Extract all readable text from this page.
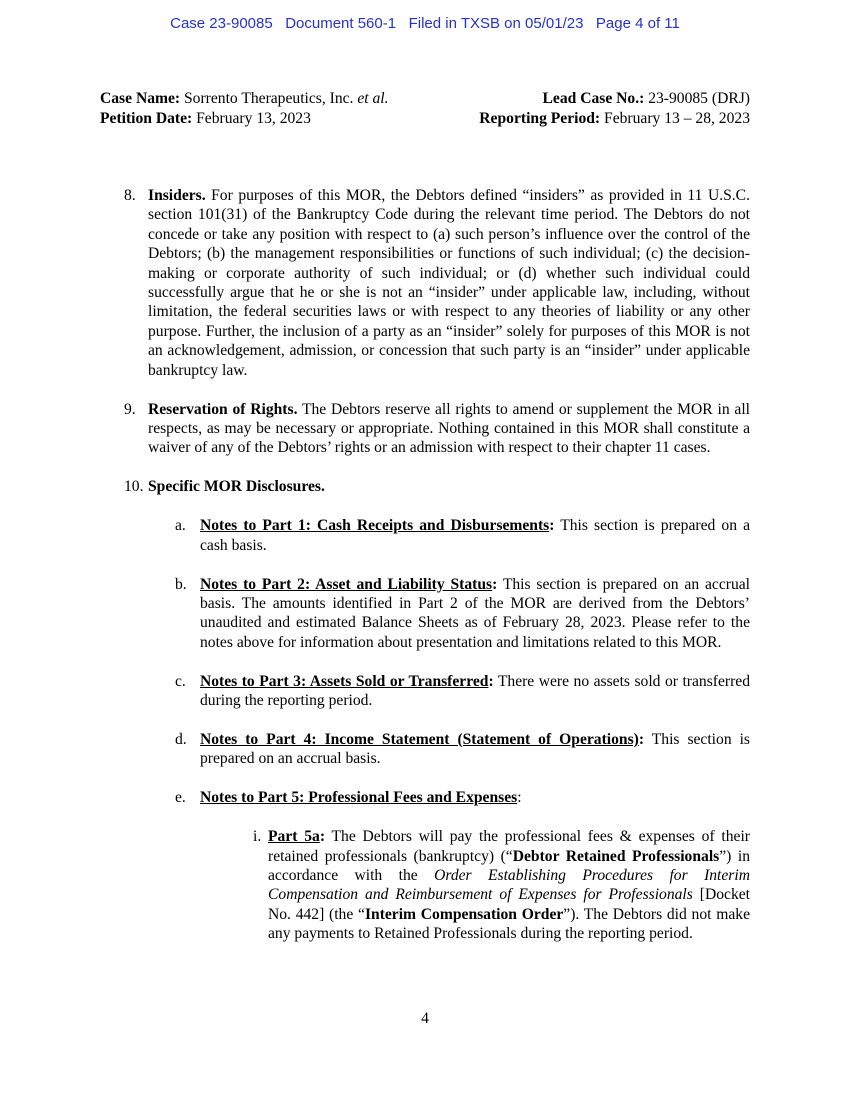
Case 23-90085   Document 560-1   Filed in TXSB on 05/01/23   Page 4 of 11
Case Name: Sorrento Therapeutics, Inc. et al.
Petition Date: February 13, 2023
Lead Case No.: 23-90085 (DRJ)
Reporting Period: February 13 – 28, 2023
8. Insiders. For purposes of this MOR, the Debtors defined “insiders” as provided in 11 U.S.C. section 101(31) of the Bankruptcy Code during the relevant time period. The Debtors do not concede or take any position with respect to (a) such person’s influence over the control of the Debtors; (b) the management responsibilities or functions of such individual; (c) the decision-making or corporate authority of such individual; or (d) whether such individual could successfully argue that he or she is not an “insider” under applicable law, including, without limitation, the federal securities laws or with respect to any theories of liability or any other purpose. Further, the inclusion of a party as an “insider” solely for purposes of this MOR is not an acknowledgement, admission, or concession that such party is an “insider” under applicable bankruptcy law.
9. Reservation of Rights. The Debtors reserve all rights to amend or supplement the MOR in all respects, as may be necessary or appropriate. Nothing contained in this MOR shall constitute a waiver of any of the Debtors’ rights or an admission with respect to their chapter 11 cases.
10. Specific MOR Disclosures.
a. Notes to Part 1: Cash Receipts and Disbursements: This section is prepared on a cash basis.
b. Notes to Part 2: Asset and Liability Status: This section is prepared on an accrual basis. The amounts identified in Part 2 of the MOR are derived from the Debtors’ unaudited and estimated Balance Sheets as of February 28, 2023. Please refer to the notes above for information about presentation and limitations related to this MOR.
c. Notes to Part 3: Assets Sold or Transferred: There were no assets sold or transferred during the reporting period.
d. Notes to Part 4: Income Statement (Statement of Operations): This section is prepared on an accrual basis.
e. Notes to Part 5: Professional Fees and Expenses:
i. Part 5a: The Debtors will pay the professional fees & expenses of their retained professionals (bankruptcy) (“Debtor Retained Professionals”) in accordance with the Order Establishing Procedures for Interim Compensation and Reimbursement of Expenses for Professionals [Docket No. 442] (the “Interim Compensation Order”). The Debtors did not make any payments to Retained Professionals during the reporting period.
4
